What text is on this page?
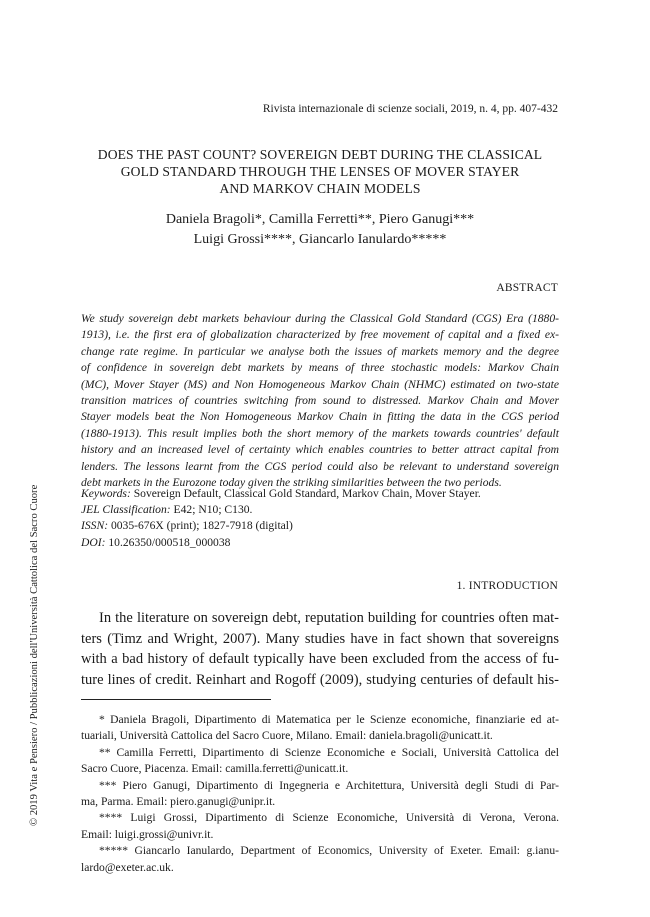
Rivista internazionale di scienze sociali, 2019, n. 4, pp. 407-432
DOES THE PAST COUNT? SOVEREIGN DEBT DURING THE CLASSICAL
GOLD STANDARD THROUGH THE LENSES OF MOVER STAYER
AND MARKOV CHAIN MODELS
Daniela Bragoli*, Camilla Ferretti**, Piero Ganugi***
Luigi Grossi****, Giancarlo Ianulardo*****
ABSTRACT
We study sovereign debt markets behaviour during the Classical Gold Standard (CGS) Era (1880-
1913), i.e. the first era of globalization characterized by free movement of capital and a fixed ex-
change rate regime. In particular we analyse both the issues of markets memory and the degree
of confidence in sovereign debt markets by means of three stochastic models: Markov Chain
(MC), Mover Stayer (MS) and Non Homogeneous Markov Chain (NHMC) estimated on two-state
transition matrices of countries switching from sound to distressed. Markov Chain and Mover
Stayer models beat the Non Homogeneous Markov Chain in fitting the data in the CGS period
(1880-1913). This result implies both the short memory of the markets towards countries' default
history and an increased level of certainty which enables countries to better attract capital from
lenders. The lessons learnt from the CGS period could also be relevant to understand sovereign
debt markets in the Eurozone today given the striking similarities between the two periods.
Keywords: Sovereign Default, Classical Gold Standard, Markov Chain, Mover Stayer.
JEL Classification: E42; N10; C130.
ISSN: 0035-676X (print); 1827-7918 (digital)
DOI: 10.26350/000518_000038
1. INTRODUCTION
In the literature on sovereign debt, reputation building for countries often mat-
ters (Timz and Wright, 2007). Many studies have in fact shown that sovereigns
with a bad history of default typically have been excluded from the access of fu-
ture lines of credit. Reinhart and Rogoff (2009), studying centuries of default his-
* Daniela Bragoli, Dipartimento di Matematica per le Scienze economiche, finanziarie ed at-
tuariali, Università Cattolica del Sacro Cuore, Milano. Email: daniela.bragoli@unicatt.it.
** Camilla Ferretti, Dipartimento di Scienze Economiche e Sociali, Università Cattolica del
Sacro Cuore, Piacenza. Email: camilla.ferretti@unicatt.it.
*** Piero Ganugi, Dipartimento di Ingegneria e Architettura, Università degli Studi di Par-
ma, Parma. Email: piero.ganugi@unipr.it.
**** Luigi Grossi, Dipartimento di Scienze Economiche, Università di Verona, Verona.
Email: luigi.grossi@univr.it.
***** Giancarlo Ianulardo, Department of Economics, University of Exeter. Email: g.ianu-
lardo@exeter.ac.uk.
© 2019 Vita e Pensiero / Pubblicazioni dell'Università Cattolica del Sacro Cuore
